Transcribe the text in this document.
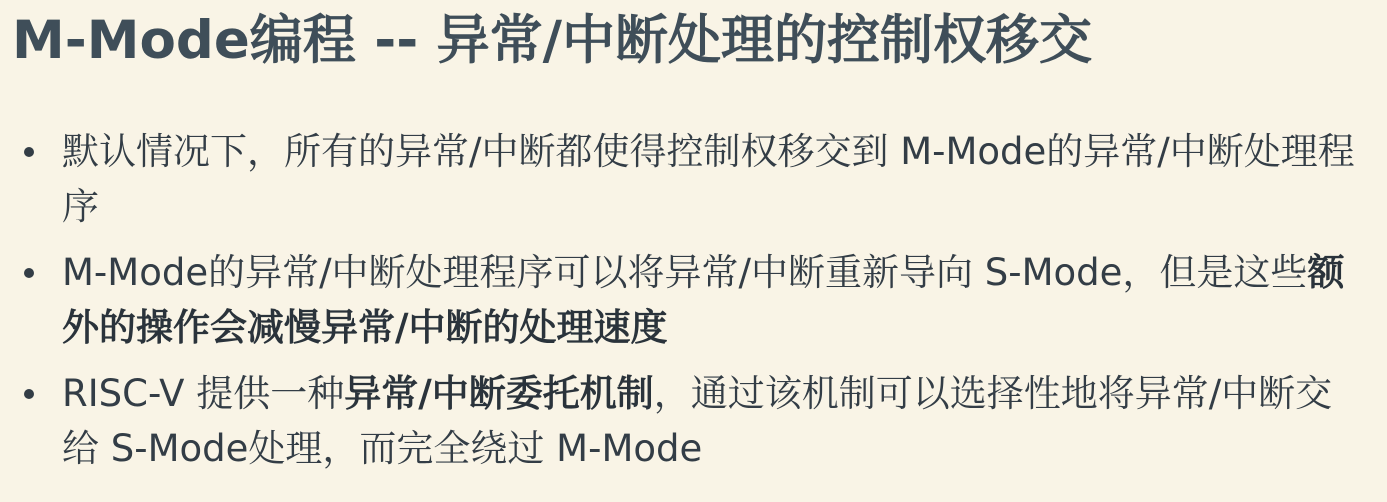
M-Mode编程 -- 异常/中断处理的控制权移交
默认情况下，所有的异常/中断都使得控制权移交到 M-Mode的异常/中断处理程序
M-Mode的异常/中断处理程序可以将异常/中断重新导向 S-Mode，但是这些额外的操作会减慢异常/中断的处理速度
RISC-V 提供一种异常/中断委托机制，通过该机制可以选择性地将异常/中断交给 S-Mode处理，而完全绕过 M-Mode
